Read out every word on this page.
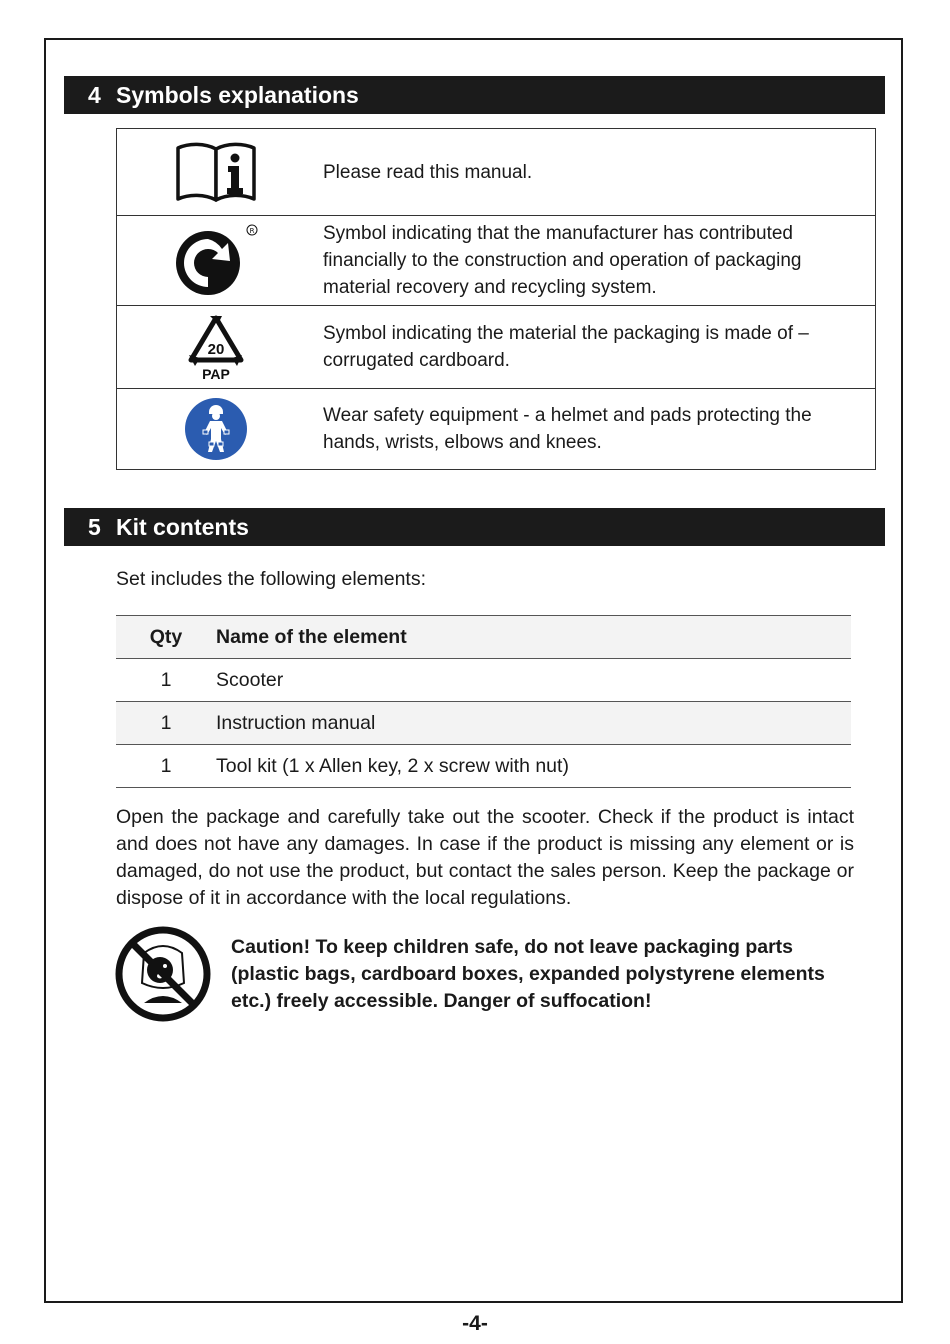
4 Symbols explanations
Please read this manual.
R	Symbol indicating that the manufacturer has contributed financially to the construction and operation of packaging material recovery and recycling system.
20
PAP
Symbol indicating the material the packaging is made of – corrugated cardboard.
Wear safety equipment - a helmet and pads protecting the hands, wrists, elbows and knees.
5 Kit contents
Set includes the following elements:
Qty	Name of the element
1	Scooter
1	Instruction manual
1	Tool kit (1 x Allen key, 2 x screw with nut)
Open the package and carefully take out the scooter. Check if the product is intact and does not have any damages. In case if the product is missing any element or is damaged, do not use the product, but contact the sales person. Keep the package or dispose of it in accordance with the local regulations.
Caution! To keep children safe, do not leave packaging parts (plastic bags, cardboard boxes, expanded polystyrene elements etc.) freely accessible. Danger of suffocation!
-4-
